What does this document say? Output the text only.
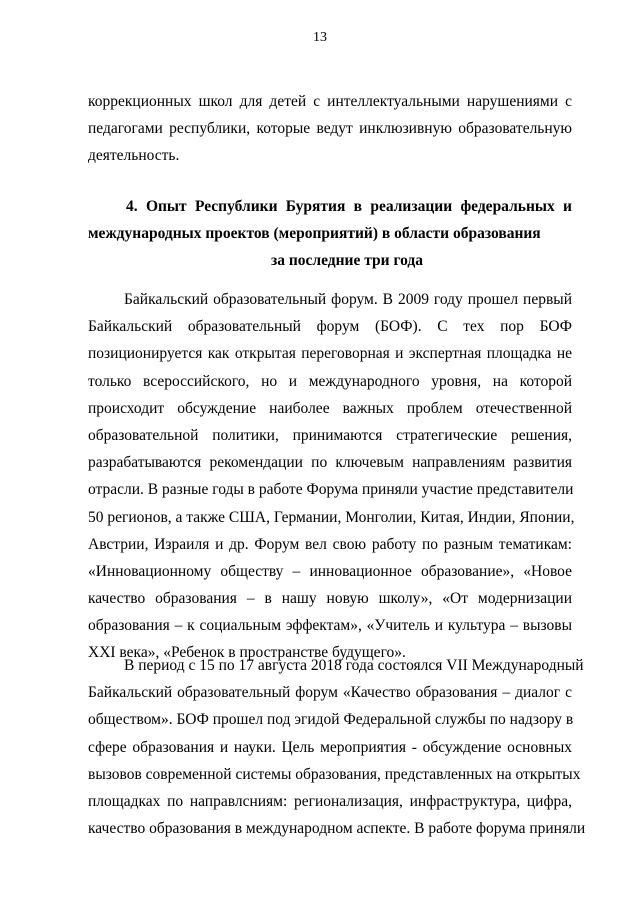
13
коррекционных школ для детей с интеллектуальными нарушениями с
педагогами республики, которые ведут инклюзивную образовательную
деятельность.
4. Опыт Республики Бурятия в реализации федеральных и
международных проектов (мероприятий) в области образования
за последние три года
Байкальский образовательный форум. В 2009 году прошел первый
Байкальский образовательный форум (БОФ). С тех пор БОФ
позиционируется как открытая переговорная и экспертная площадка не
только всероссийского, но и международного уровня, на которой
происходит обсуждение наиболее важных проблем отечественной
образовательной политики, принимаются стратегические решения,
разрабатываются рекомендации по ключевым направлениям развития
отрасли. В разные годы в работе Форума приняли участие представители
50 регионов, а также США, Германии, Монголии, Китая, Индии, Японии,
Австрии, Израиля и др. Форум вел свою работу по разным тематикам:
«Инновационному обществу – инновационное образование», «Новое
качество образования – в нашу новую школу», «От модернизации
образования – к социальным эффектам», «Учитель и культура – вызовы
XXI века», «Ребенок в пространстве будущего».
В период с 15 по 17 августа 2018 года состоялся VII Международный
Байкальский образовательный форум «Качество образования – диалог с
обществом». БОФ прошел под эгидой Федеральной службы по надзору в
сфере образования и науки. Цель мероприятия - обсуждение основных
вызовов современной системы образования, представленных на открытых
площадках по направлсниям: регионализация, инфраструктура, цифра,
качество образования в международном аспекте. В работе форума приняли
